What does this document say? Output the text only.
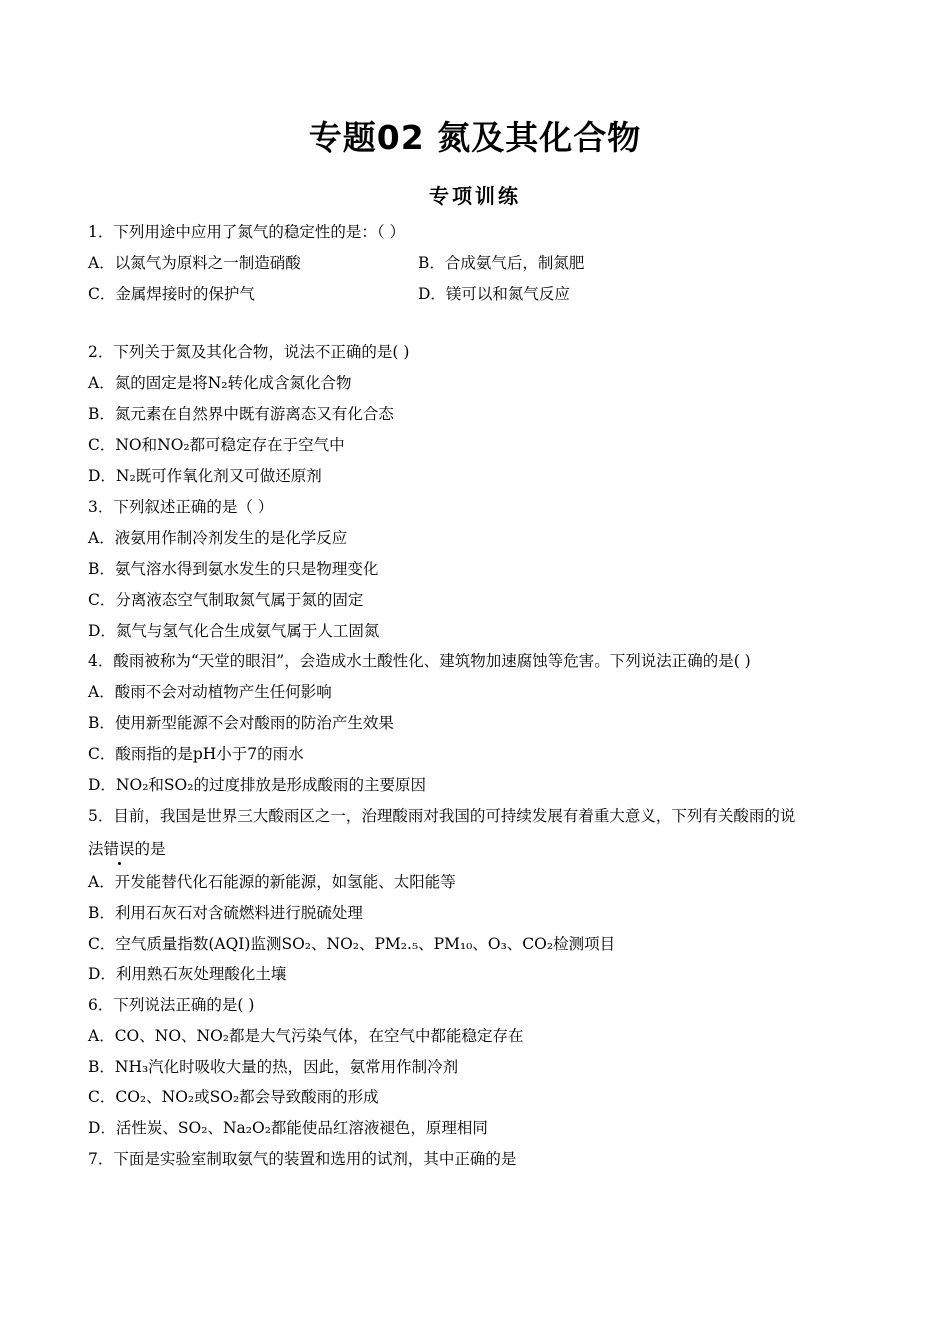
专题02 氮及其化合物
专项训练
1．下列用途中应用了氮气的稳定性的是：（ ）
A．以氮气为原料之一制造硝酸	B．合成氨气后，制氮肥
C．金属焊接时的保护气	D．镁可以和氮气反应
2．下列关于氮及其化合物，说法不正确的是( )
A．氮的固定是将N₂转化成含氮化合物
B．氮元素在自然界中既有游离态又有化合态
C．NO和NO₂都可稳定存在于空气中
D．N₂既可作氧化剂又可做还原剂
3．下列叙述正确的是（ ）
A．液氨用作制冷剂发生的是化学反应
B．氨气溶水得到氨水发生的只是物理变化
C．分离液态空气制取氮气属于氮的固定
D．氮气与氢气化合生成氨气属于人工固氮
4．酸雨被称为“天堂的眼泪”，会造成水土酸性化、建筑物加速腐蚀等危害。下列说法正确的是( )
A．酸雨不会对动植物产生任何影响
B．使用新型能源不会对酸雨的防治产生效果
C．酸雨指的是pH小于7的雨水
D．NO₂和SO₂的过度排放是形成酸雨的主要原因
5．目前，我国是世界三大酸雨区之一，治理酸雨对我国的可持续发展有着重大意义，下列有关酸雨的说
法错误的是
A．开发能替代化石能源的新能源，如氢能、太阳能等
B．利用石灰石对含硫燃料进行脱硫处理
C．空气质量指数(AQI)监测SO₂、NO₂、PM₂.₅、PM₁₀、O₃、CO₂检测项目
D．利用熟石灰处理酸化土壤
6．下列说法正确的是( )
A．CO、NO、NO₂都是大气污染气体，在空气中都能稳定存在
B．NH₃汽化时吸收大量的热，因此，氨常用作制冷剂
C．CO₂、NO₂或SO₂都会导致酸雨的形成
D．活性炭、SO₂、Na₂O₂都能使品红溶液褪色，原理相同
7．下面是实验室制取氨气的装置和选用的试剂，其中正确的是
